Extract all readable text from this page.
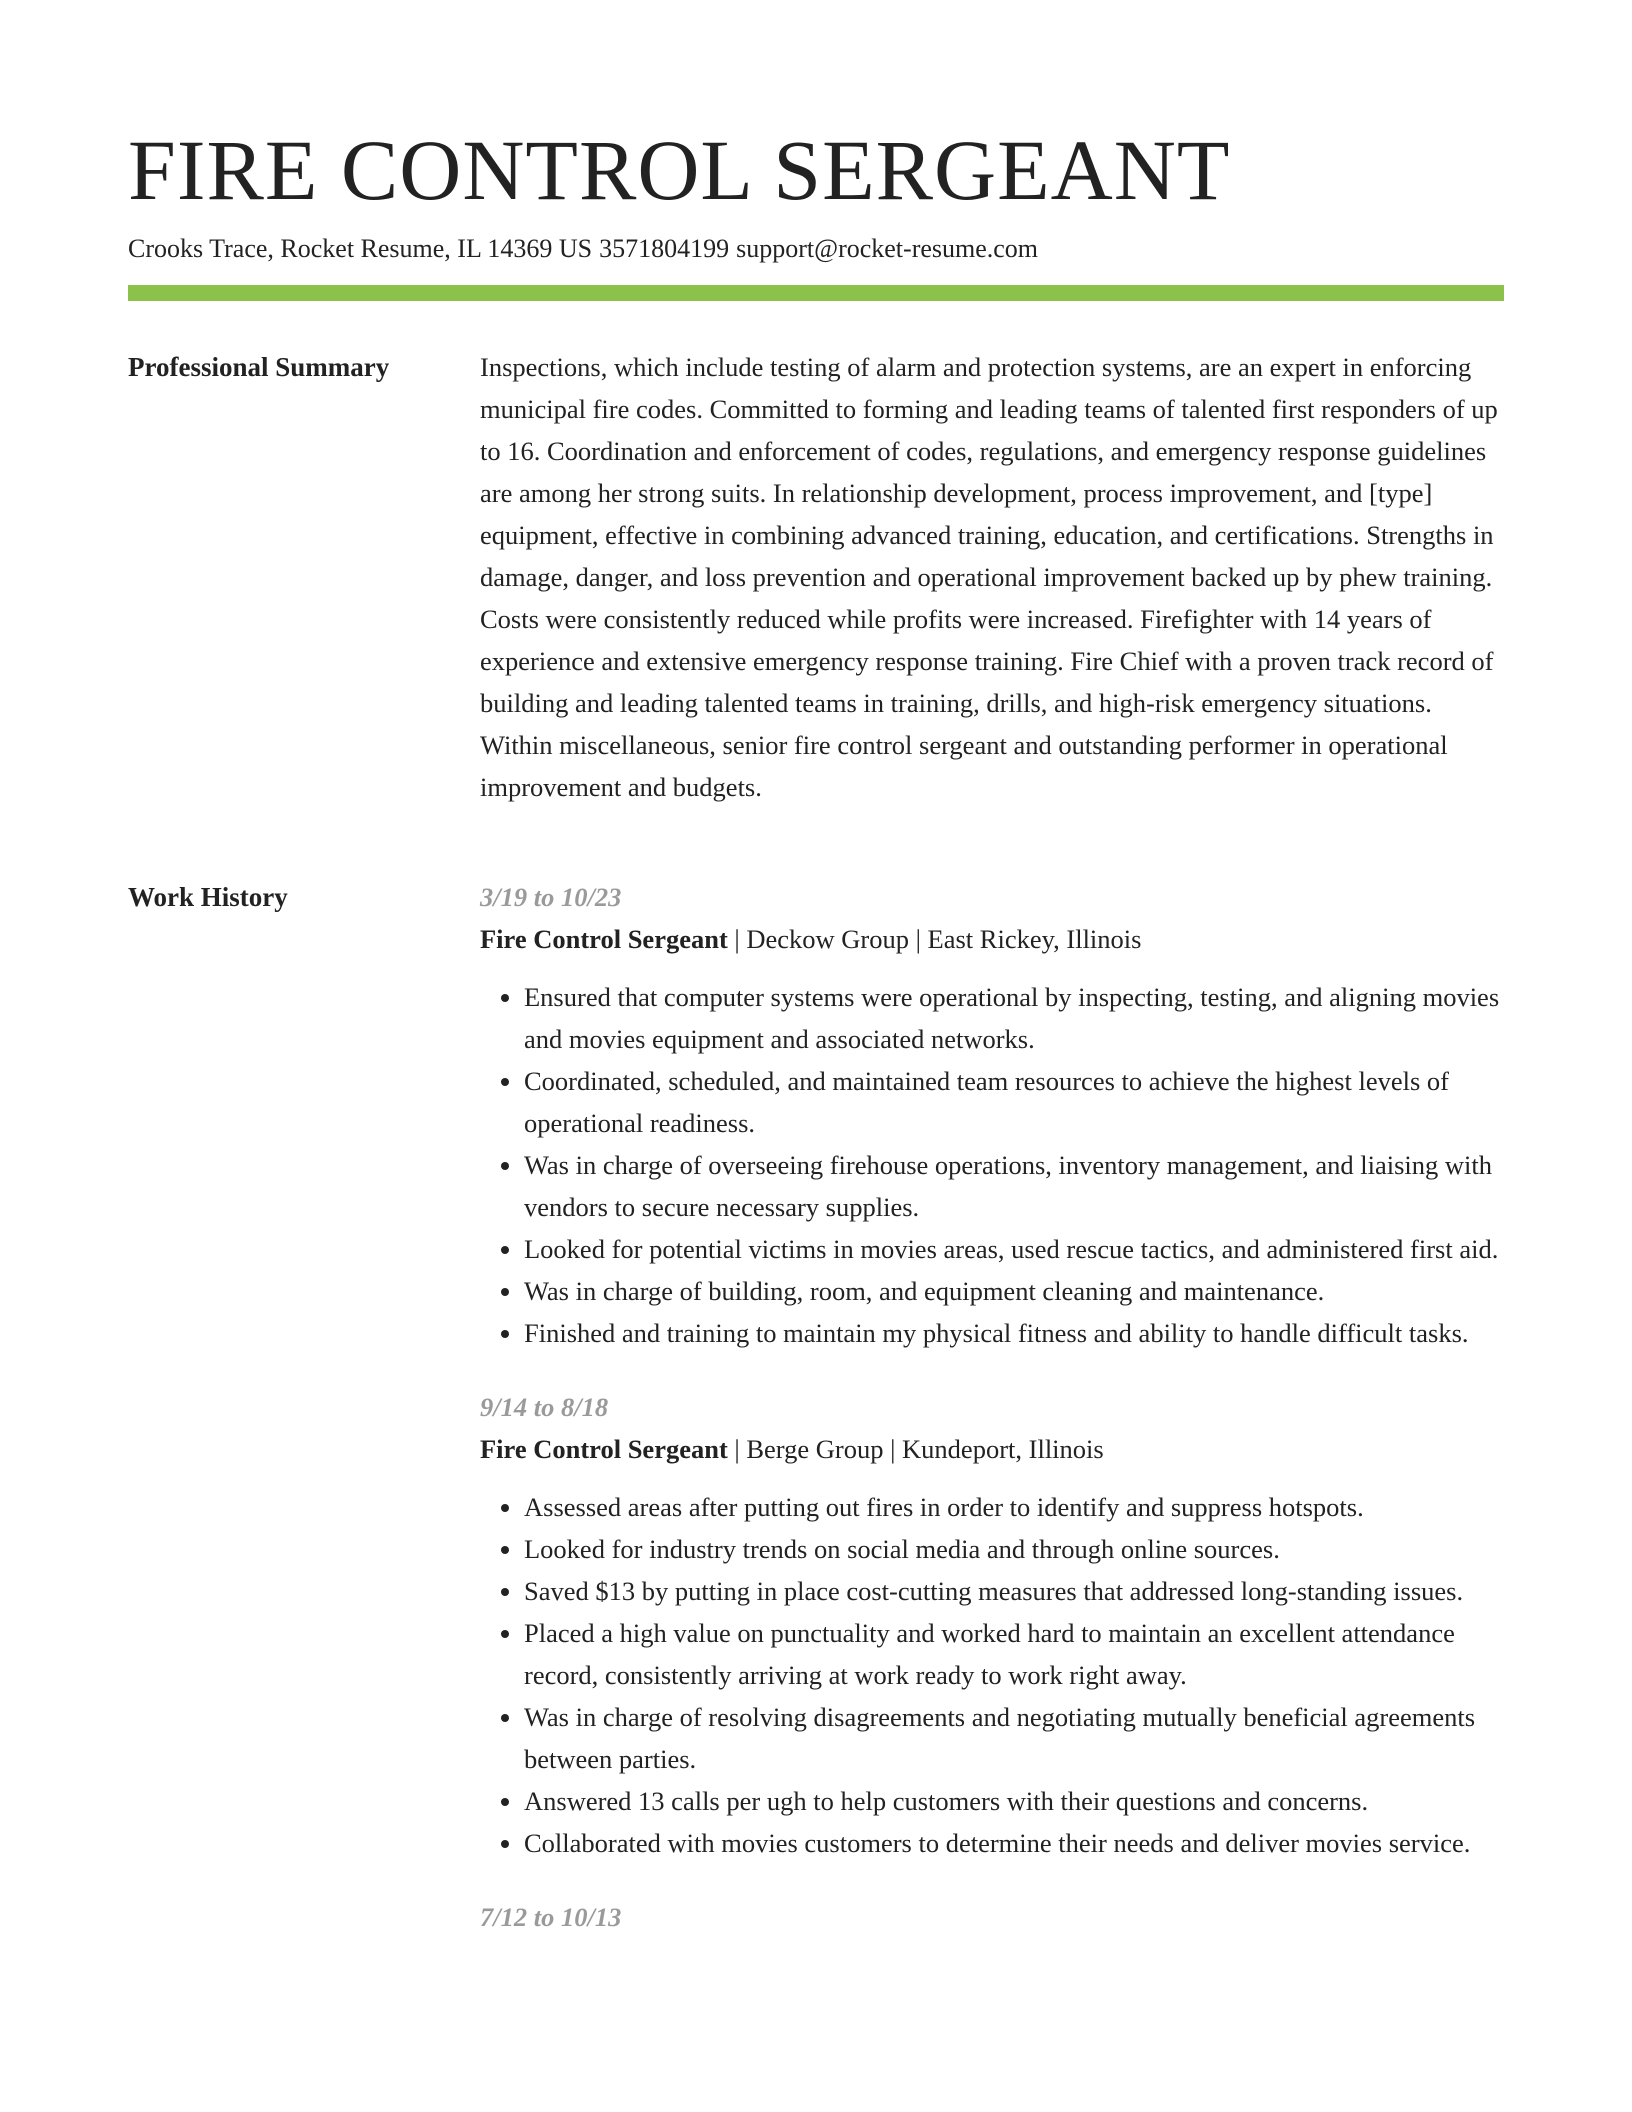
FIRE CONTROL SERGEANT
Crooks Trace, Rocket Resume, IL 14369 US 3571804199 support@rocket-resume.com
Professional Summary	Inspections, which include testing of alarm and protection systems, are an expert in enforcing municipal fire codes. Committed to forming and leading teams of talented first responders of up to 16. Coordination and enforcement of codes, regulations, and emergency response guidelines are among her strong suits. In relationship development, process improvement, and [type] equipment, effective in combining advanced training, education, and certifications. Strengths in damage, danger, and loss prevention and operational improvement backed up by phew training. Costs were consistently reduced while profits were increased. Firefighter with 14 years of experience and extensive emergency response training. Fire Chief with a proven track record of building and leading talented teams in training, drills, and high-risk emergency situations. Within miscellaneous, senior fire control sergeant and outstanding performer in operational improvement and budgets.

Work History	3/19 to 10/23
Fire Control Sergeant | Deckow Group | East Rickey, Illinois
• Ensured that computer systems were operational by inspecting, testing, and aligning movies and movies equipment and associated networks.
• Coordinated, scheduled, and maintained team resources to achieve the highest levels of operational readiness.
• Was in charge of overseeing firehouse operations, inventory management, and liaising with vendors to secure necessary supplies.
• Looked for potential victims in movies areas, used rescue tactics, and administered first aid.
• Was in charge of building, room, and equipment cleaning and maintenance.
• Finished and training to maintain my physical fitness and ability to handle difficult tasks.
9/14 to 8/18
Fire Control Sergeant | Berge Group | Kundeport, Illinois
• Assessed areas after putting out fires in order to identify and suppress hotspots.
• Looked for industry trends on social media and through online sources.
• Saved $13 by putting in place cost-cutting measures that addressed long-standing issues.
• Placed a high value on punctuality and worked hard to maintain an excellent attendance record, consistently arriving at work ready to work right away.
• Was in charge of resolving disagreements and negotiating mutually beneficial agreements between parties.
• Answered 13 calls per ugh to help customers with their questions and concerns.
• Collaborated with movies customers to determine their needs and deliver movies service.
7/12 to 10/13
